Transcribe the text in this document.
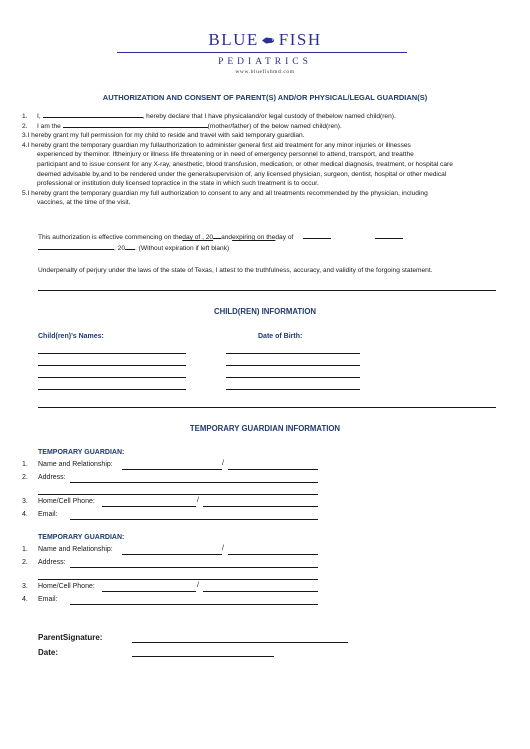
BLUE FISH
PEDIATRICS
www.bluefishmd.com
AUTHORIZATION AND CONSENT OF PARENT(S) AND/OR PHYSICAL/LEGAL GUARDIAN(S)
1. I,	, hereby declare that I have physicaland/or legal custody of thebelow named child(ren).
2. I am the	(mother/father) of the below named child(ren).
3.I hereby grant my full permission for my child to reside and travel with said temporary guardian.
4.I hereby grant the temporary guardian my fullauthorization to administer general first aid treatment for any minor injuries or illnesses
experienced by theminor. Iftheinjury or illness life threatening or in need of emergency personnel to attend, transport, and treatthe
participant and to issue consent for any X-ray, anesthetic, blood transfusion, medication, or other medical diagnosis, treatment, or hospital care
deemed advisable by,and to be rendered under the generalsupervision of, any licensed physician, surgeon, dentist, hospital or other medical
professional or institution duly licensed topractice in the state in which such treatment is to occur.
5.I hereby grant the temporary guardian my full authorization to consent to any and all treatments recommended by the physician, including
vaccines, at the time of the visit.
This authorization is effective commencing on theday of , 20 andexpiring on theday of
, 20 . (Without expiration if left blank)
Underpenalty of perjury under the laws of the state of Texas, I attest to the truthfulness, accuracy, and validity of the forgoing statement.
CHILD(REN) INFORMATION
Child(ren)’s Names:	Date of Birth:
TEMPORARY GUARDIAN INFORMATION
TEMPORARY GUARDIAN:
1. Name and Relationship:	/
2. Address:
3. Home/Cell Phone:	/
4. Email:
TEMPORARY GUARDIAN:
1. Name and Relationship:	/
2. Address:
3. Home/Cell Phone:	/
4. Email:
ParentSignature:
Date:
